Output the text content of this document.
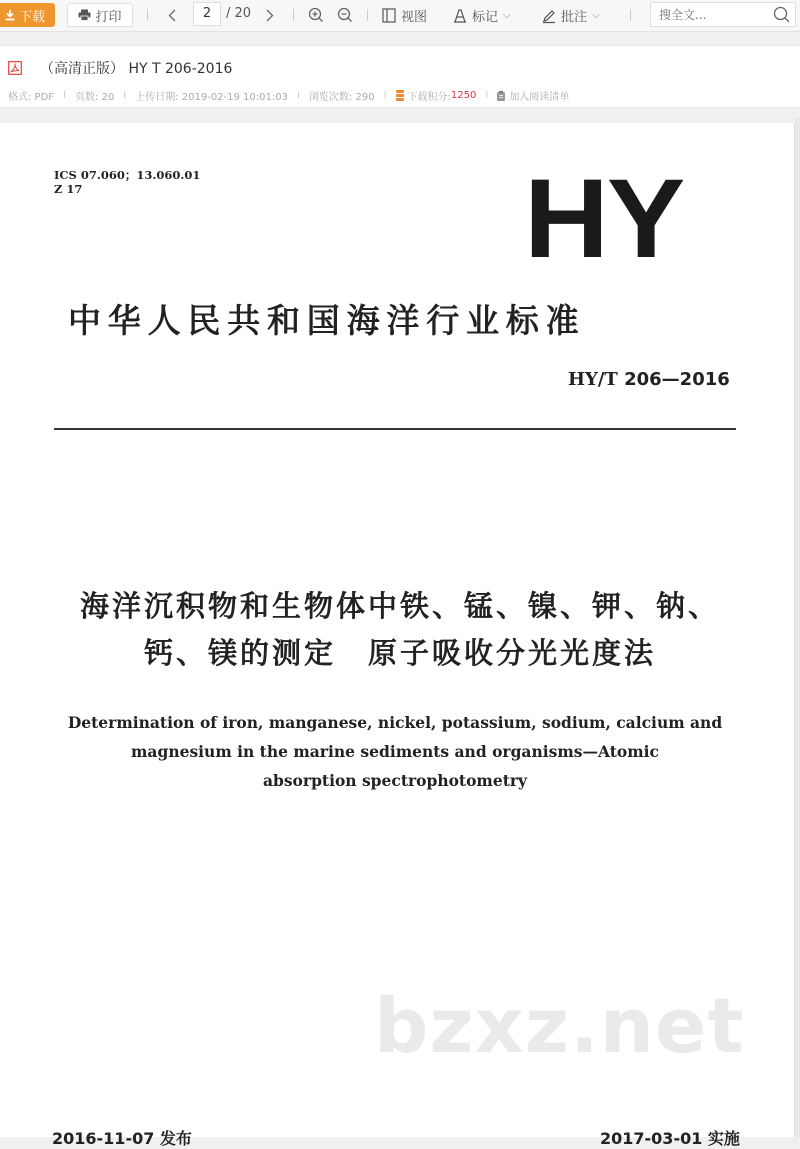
下载	打印	2	/ 20	视图	标记 ⌵	批注 ⌵
搜全文...
（高清正版） HY T 206-2016
格式: PDF I 页数: 20 I 上传日期: 2019-02-19 10:01:03 I 浏览次数: 290 I 下载积分: 1250 I 加入阅读清单
ICS 07.060；13.060.01
Z 17	HY
中华人民共和国海洋行业标准
HY/T 206—2016
海洋沉积物和生物体中铁、锰、镍、钾、钠、
钙、镁的测定　原子吸收分光光度法
Determination of iron, manganese, nickel, potassium, sodium, calcium and
magnesium in the marine sediments and organisms—Atomic
absorption spectrophotometry
bzxz.net
2016-11-07 发布	2017-03-01 实施
